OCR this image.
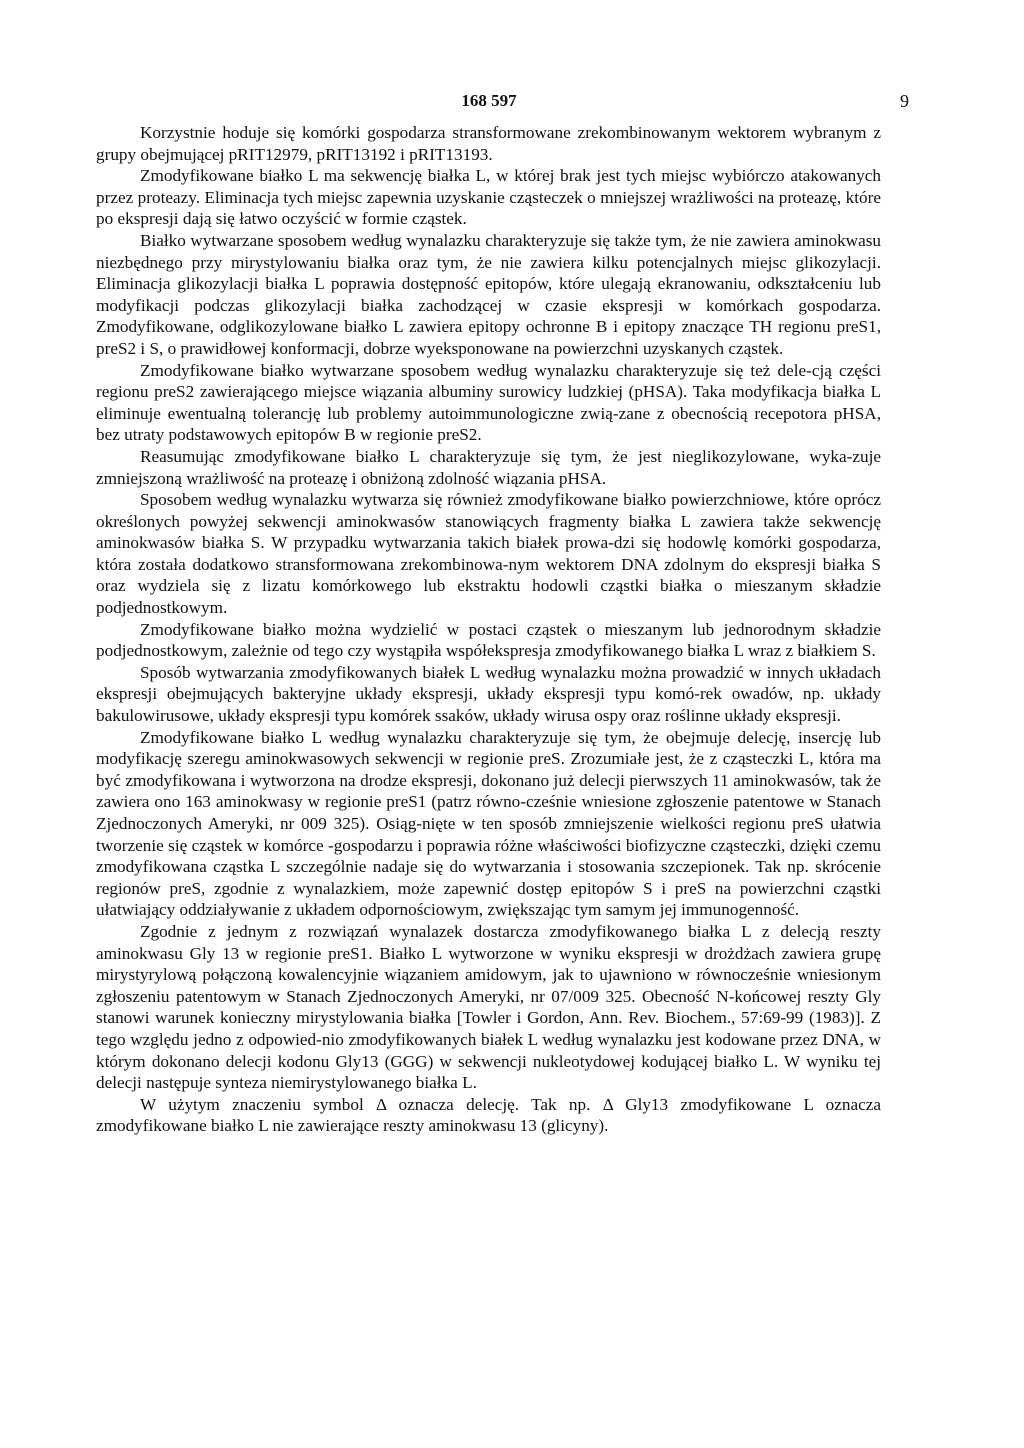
168 597	9

Korzystnie hoduje się komórki gospodarza stransformowane zrekombinowanym wektorem wybranym z grupy obejmującej pRIT12979, pRIT13192 i pRIT13193.

Zmodyfikowane białko L ma sekwencję białka L, w której brak jest tych miejsc wybiórczo atakowanych przez proteazy. Eliminacja tych miejsc zapewnia uzyskanie cząsteczek o mniejszej wrażliwości na proteazę, które po ekspresji dają się łatwo oczyścić w formie cząstek.

Białko wytwarzane sposobem według wynalazku charakteryzuje się także tym, że nie zawiera aminokwasu niezbędnego przy mirystylowaniu białka oraz tym, że nie zawiera kilku potencjalnych miejsc glikozylacji. Eliminacja glikozylacji białka L poprawia dostępność epitopów, które ulegają ekranowaniu, odkształceniu lub modyfikacji podczas glikozylacji białka zachodzącej w czasie ekspresji w komórkach gospodarza. Zmodyfikowane, odglikozylowane białko L zawiera epitopy ochronne B i epitopy znaczące TH regionu preS1, preS2 i S, o prawidłowej konformacji, dobrze wyeksponowane na powierzchni uzyskanych cząstek.

Zmodyfikowane białko wytwarzane sposobem według wynalazku charakteryzuje się też dele-cją części regionu preS2 zawierającego miejsce wiązania albuminy surowicy ludzkiej (pHSA). Taka modyfikacja białka L eliminuje ewentualną tolerancję lub problemy autoimmunologiczne zwią-zane z obecnością recepotora pHSA, bez utraty podstawowych epitopów B w regionie preS2.

Reasumując zmodyfikowane białko L charakteryzuje się tym, że jest nieglikozylowane, wyka-zuje zmniejszoną wrażliwość na proteazę i obniżoną zdolność wiązania pHSA.

Sposobem według wynalazku wytwarza się również zmodyfikowane białko powierzchniowe, które oprócz określonych powyżej sekwencji aminokwasów stanowiących fragmenty białka L zawiera także sekwencję aminokwasów białka S. W przypadku wytwarzania takich białek prowa-dzi się hodowlę komórki gospodarza, która została dodatkowo stransformowana zrekombinowa-nym wektorem DNA zdolnym do ekspresji białka S oraz wydziela się z lizatu komórkowego lub ekstraktu hodowli cząstki białka o mieszanym składzie podjednostkowym.

Zmodyfikowane białko można wydzielić w postaci cząstek o mieszanym lub jednorodnym składzie podjednostkowym, zależnie od tego czy wystąpiła współekspresja zmodyfikowanego białka L wraz z białkiem S.

Sposób wytwarzania zmodyfikowanych białek L według wynalazku można prowadzić w innych układach ekspresji obejmujących bakteryjne układy ekspresji, układy ekspresji typu komó-rek owadów, np. układy bakulowirusowe, układy ekspresji typu komórek ssaków, układy wirusa ospy oraz roślinne układy ekspresji.

Zmodyfikowane białko L według wynalazku charakteryzuje się tym, że obejmuje delecję, insercję lub modyfikację szeregu aminokwasowych sekwencji w regionie preS. Zrozumiałe jest, że z cząsteczki L, która ma być zmodyfikowana i wytworzona na drodze ekspresji, dokonano już delecji pierwszych 11 aminokwasów, tak że zawiera ono 163 aminokwasy w regionie preS1 (patrz równo-cześnie wniesione zgłoszenie patentowe w Stanach Zjednoczonych Ameryki, nr 009 325). Osiąg-nięte w ten sposób zmniejszenie wielkości regionu preS ułatwia tworzenie się cząstek w komórce -gospodarzu i poprawia różne właściwości biofizyczne cząsteczki, dzięki czemu zmodyfikowana cząstka L szczególnie nadaje się do wytwarzania i stosowania szczepionek. Tak np. skrócenie regionów preS, zgodnie z wynalazkiem, może zapewnić dostęp epitopów S i preS na powierzchni cząstki ułatwiający oddziaływanie z układem odpornościowym, zwiększając tym samym jej immunogenność.

Zgodnie z jednym z rozwiązań wynalazek dostarcza zmodyfikowanego białka L z delecją reszty aminokwasu Gly 13 w regionie preS1. Białko L wytworzone w wyniku ekspresji w drożdżach zawiera grupę mirystyrylową połączoną kowalencyjnie wiązaniem amidowym, jak to ujawniono w równocześnie wniesionym zgłoszeniu patentowym w Stanach Zjednoczonych Ameryki, nr 07/009 325. Obecność N-końcowej reszty Gly stanowi warunek konieczny mirystylowania białka [Towler i Gordon, Ann. Rev. Biochem., 57:69-99 (1983)]. Z tego względu jedno z odpowied-nio zmodyfikowanych białek L według wynalazku jest kodowane przez DNA, w którym dokonano delecji kodonu Gly13 (GGG) w sekwencji nukleotydowej kodującej białko L. W wyniku tej delecji następuje synteza niemirystylowanego białka L.

W użytym znaczeniu symbol Δ oznacza delecję. Tak np. Δ Gly13 zmodyfikowane L oznacza zmodyfikowane białko L nie zawierające reszty aminokwasu 13 (glicyny).
